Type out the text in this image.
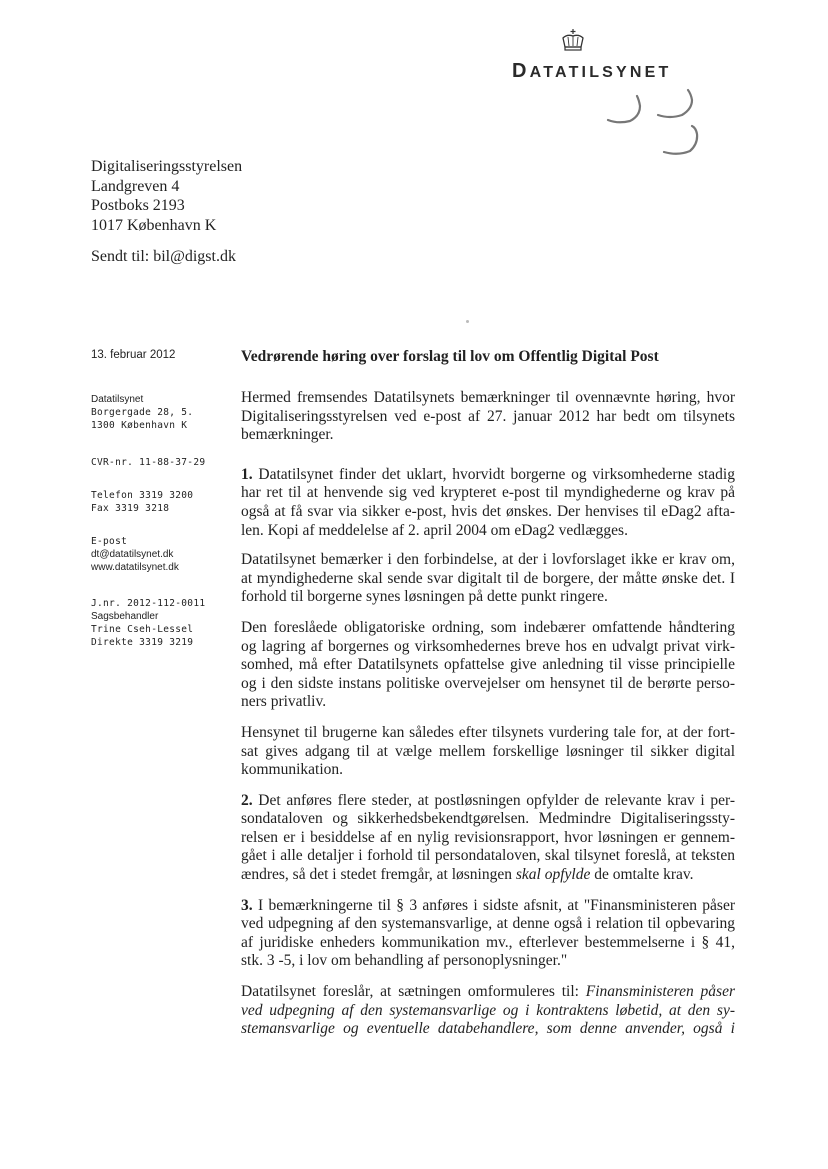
DATATILSYNET
Digitaliseringsstyrelsen
Landgreven 4
Postboks 2193
1017 København K
Sendt til: bil@digst.dk
13. februar 2012
Datatilsynet
Borgergade 28, 5.
1300 København K
CVR-nr. 11-88-37-29
Telefon 3319 3200
Fax 3319 3218
E-post
dt@datatilsynet.dk
www.datatilsynet.dk
J.nr. 2012-112-0011
Sagsbehandler
Trine Cseh-Lessel
Direkte 3319 3219
Vedrørende høring over forslag til lov om Offentlig Digital Post

Hermed fremsendes Datatilsynets bemærkninger til ovennævnte høring, hvor
Digitaliseringsstyrelsen ved e-post af 27. januar 2012 har bedt om tilsynets
bemærkninger.

1. Datatilsynet finder det uklart, hvorvidt borgerne og virksomhederne stadig
har ret til at henvende sig ved krypteret e-post til myndighederne og krav på
også at få svar via sikker e-post, hvis det ønskes. Der henvises til eDag2 afta-
len. Kopi af meddelelse af 2. april 2004 om eDag2 vedlægges.

Datatilsynet bemærker i den forbindelse, at der i lovforslaget ikke er krav om,
at myndighederne skal sende svar digitalt til de borgere, der måtte ønske det. I
forhold til borgerne synes løsningen på dette punkt ringere.

Den foreslåede obligatoriske ordning, som indebærer omfattende håndtering
og lagring af borgernes og virksomhedernes breve hos en udvalgt privat virk-
somhed, må efter Datatilsynets opfattelse give anledning til visse principielle
og i den sidste instans politiske overvejelser om hensynet til de berørte perso-
ners privatliv.

Hensynet til brugerne kan således efter tilsynets vurdering tale for, at der fort-
sat gives adgang til at vælge mellem forskellige løsninger til sikker digital
kommunikation.

2. Det anføres flere steder, at postløsningen opfylder de relevante krav i per-
sondataloven og sikkerhedsbekendtgørelsen. Medmindre Digitaliseringssty-
relsen er i besiddelse af en nylig revisionsrapport, hvor løsningen er gennem-
gået i alle detaljer i forhold til persondataloven, skal tilsynet foreslå, at teksten
ændres, så det i stedet fremgår, at løsningen skal opfylde de omtalte krav.

3. I bemærkningerne til § 3 anføres i sidste afsnit, at "Finansministeren påser
ved udpegning af den systemansvarlige, at denne også i relation til opbevaring
af juridiske enheders kommunikation mv., efterlever bestemmelserne i § 41,
stk. 3 -5, i lov om behandling af personoplysninger."

Datatilsynet foreslår, at sætningen omformuleres til: Finansministeren påser
ved udpegning af den systemansvarlige og i kontraktens løbetid, at den sy-
stemansvarlige og eventuelle databehandlere, som denne anvender, også i
